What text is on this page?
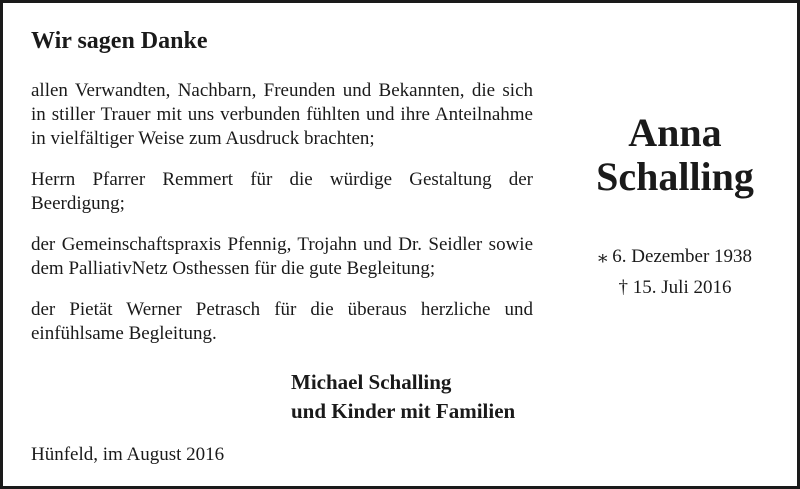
Wir sagen Danke

allen Verwandten, Nachbarn, Freunden und Bekannten, die sich in stiller Trauer mit uns verbunden fühlten und ihre Anteilnahme in vielfältiger Weise zum Ausdruck brachten;

Herrn Pfarrer Remmert für die würdige Gestaltung der Beerdigung;

der Gemeinschaftspraxis Pfennig, Trojahn und Dr. Seidler sowie dem PalliativNetz Osthessen für die gute Begleitung;

der Pietät Werner Petrasch für die überaus herzliche und einfühlsame Begleitung.

Michael Schalling
und Kinder mit Familien
Hünfeld, im August 2016
Anna
Schalling
⁎ 6. Dezember 1938
† 15. Juli 2016
